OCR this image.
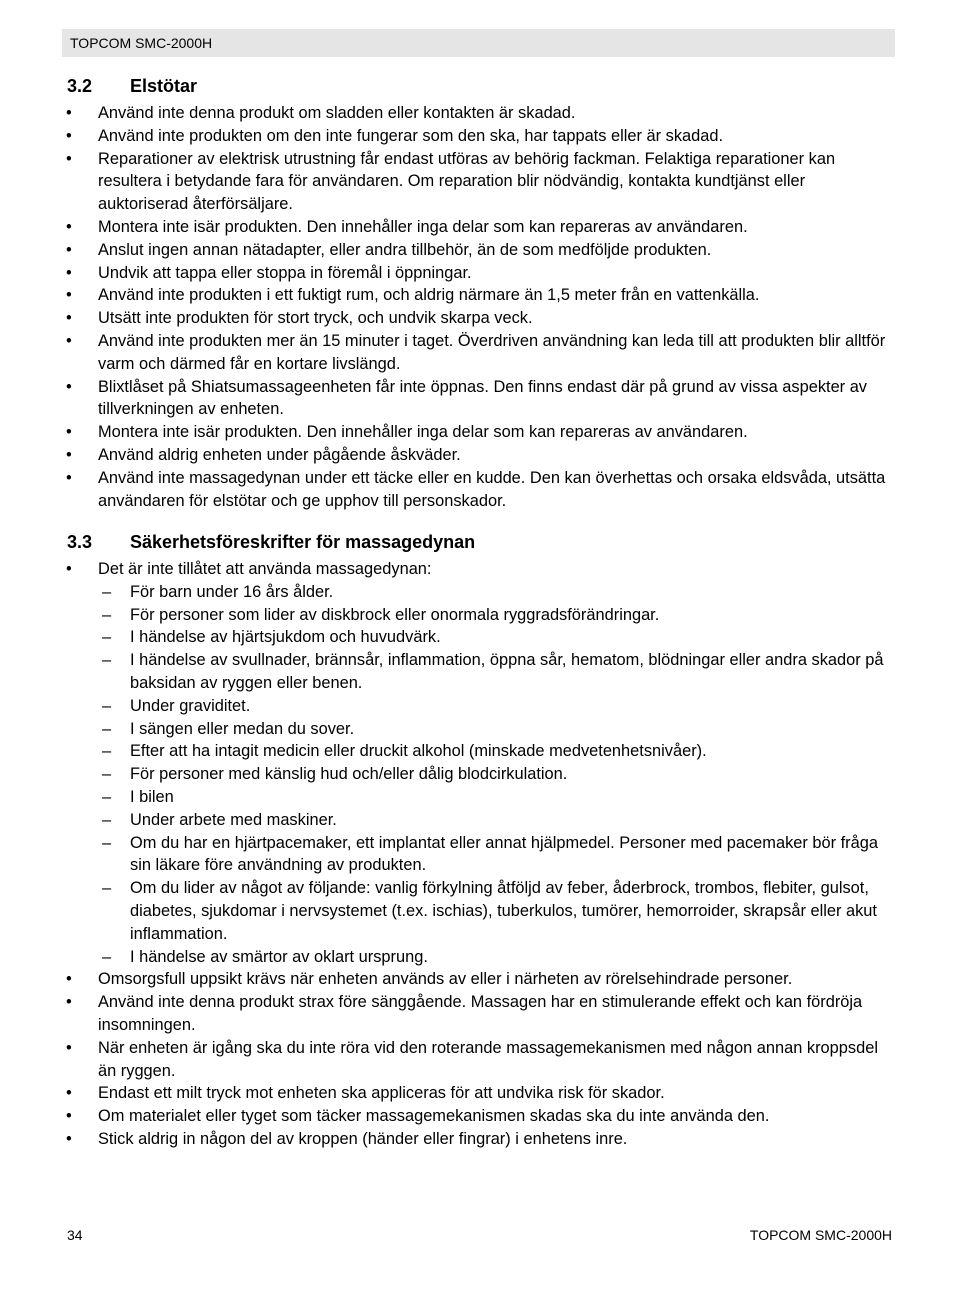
TOPCOM SMC-2000H
3.2 Elstötar
• Använd inte denna produkt om sladden eller kontakten är skadad.
• Använd inte produkten om den inte fungerar som den ska, har tappats eller är skadad.
• Reparationer av elektrisk utrustning får endast utföras av behörig fackman. Felaktiga reparationer kan resultera i betydande fara för användaren. Om reparation blir nödvändig, kontakta kundtjänst eller auktoriserad återförsäljare.
• Montera inte isär produkten. Den innehåller inga delar som kan repareras av användaren.
• Anslut ingen annan nätadapter, eller andra tillbehör, än de som medföljde produkten.
• Undvik att tappa eller stoppa in föremål i öppningar.
• Använd inte produkten i ett fuktigt rum, och aldrig närmare än 1,5 meter från en vattenkälla.
• Utsätt inte produkten för stort tryck, och undvik skarpa veck.
• Använd inte produkten mer än 15 minuter i taget. Överdriven användning kan leda till att produkten blir alltför varm och därmed får en kortare livslängd.
• Blixtlåset på Shiatsumassageenheten får inte öppnas. Den finns endast där på grund av vissa aspekter av tillverkningen av enheten.
• Montera inte isär produkten. Den innehåller inga delar som kan repareras av användaren.
• Använd aldrig enheten under pågående åskväder.
• Använd inte massagedynan under ett täcke eller en kudde. Den kan överhettas och orsaka eldsvåda, utsätta användaren för elstötar och ge upphov till personskador.
3.3 Säkerhetsföreskrifter för massagedynan
• Det är inte tillåtet att använda massagedynan:
– För barn under 16 års ålder.
– För personer som lider av diskbrock eller onormala ryggradsförändringar.
– I händelse av hjärtsjukdom och huvudvärk.
– I händelse av svullnader, brännsår, inflammation, öppna sår, hematom, blödningar eller andra skador på baksidan av ryggen eller benen.
– Under graviditet.
– I sängen eller medan du sover.
– Efter att ha intagit medicin eller druckit alkohol (minskade medvetenhetsnivåer).
– För personer med känslig hud och/eller dålig blodcirkulation.
– I bilen
– Under arbete med maskiner.
– Om du har en hjärtpacemaker, ett implantat eller annat hjälpmedel. Personer med pacemaker bör fråga sin läkare före användning av produkten.
– Om du lider av något av följande: vanlig förkylning åtföljd av feber, åderbrock, trombos, flebiter, gulsot, diabetes, sjukdomar i nervsystemet (t.ex. ischias), tuberkulos, tumörer, hemorroider, skrapsår eller akut inflammation.
– I händelse av smärtor av oklart ursprung.
• Omsorgsfull uppsikt krävs när enheten används av eller i närheten av rörelsehindrade personer.
• Använd inte denna produkt strax före sänggående. Massagen har en stimulerande effekt och kan fördröja insomningen.
• När enheten är igång ska du inte röra vid den roterande massagemekanismen med någon annan kroppsdel än ryggen.
• Endast ett milt tryck mot enheten ska appliceras för att undvika risk för skador.
• Om materialet eller tyget som täcker massagemekanismen skadas ska du inte använda den.
• Stick aldrig in någon del av kroppen (händer eller fingrar) i enhetens inre.
34	TOPCOM SMC-2000H
